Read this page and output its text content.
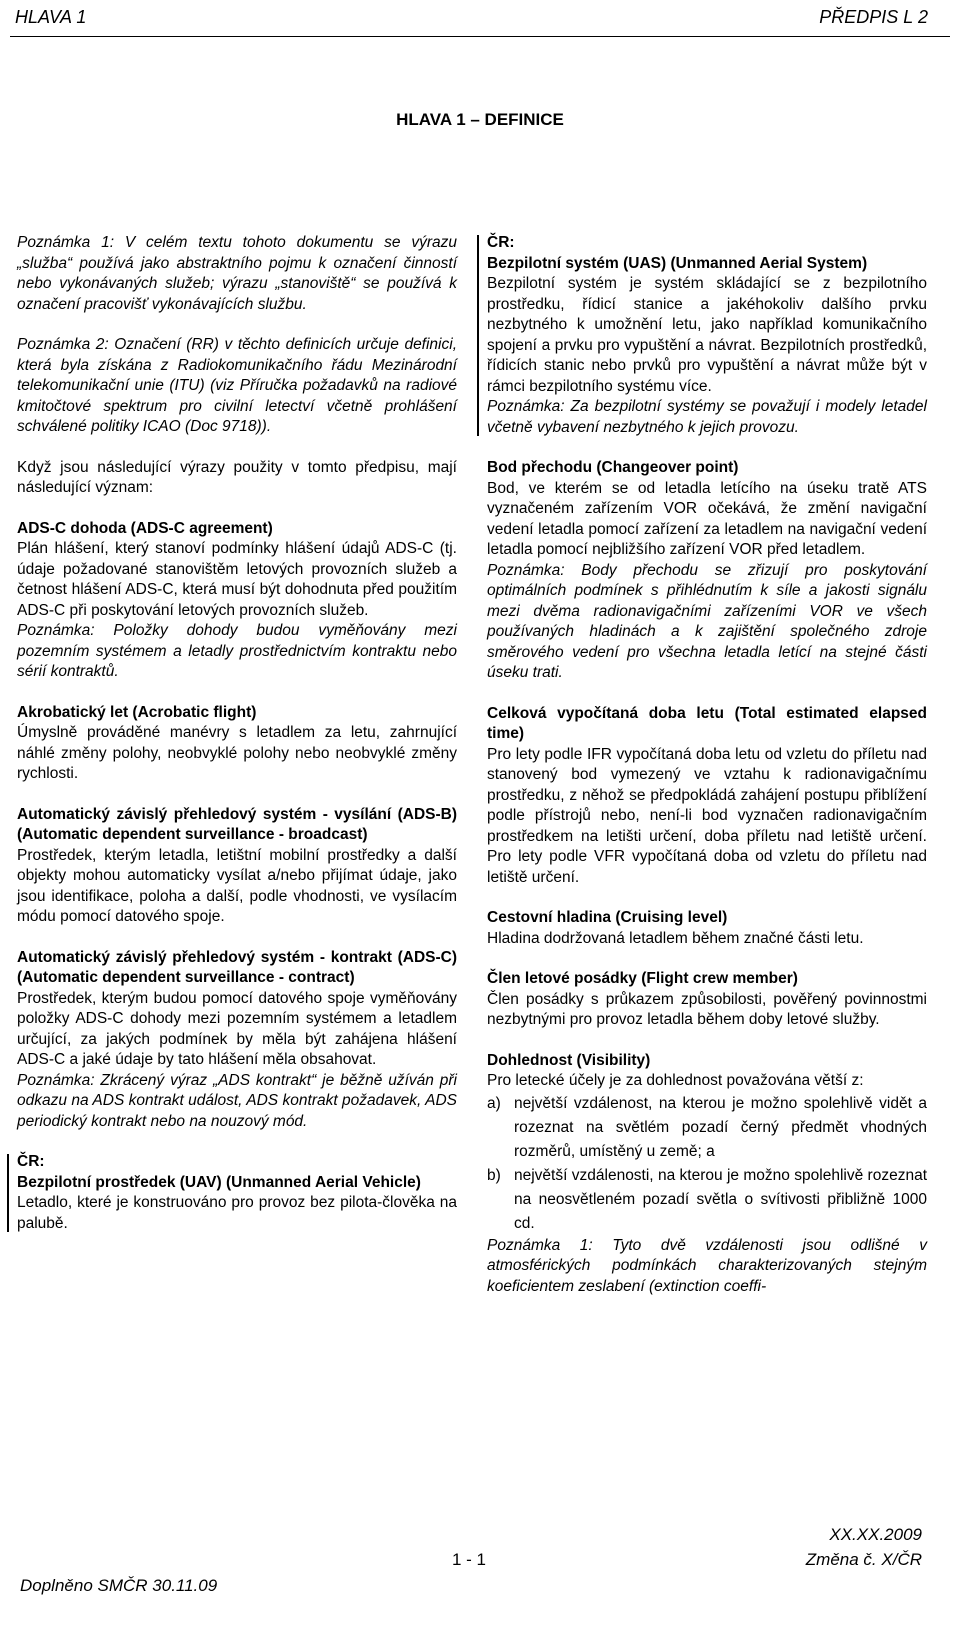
HLAVA 1	PŘEDPIS L 2
HLAVA 1 – DEFINICE

Poznámka 1: V celém textu tohoto dokumentu se výrazu „služba“ používá jako abstraktního pojmu k označení činností nebo vykonávaných služeb; výrazu „stanoviště“ se používá k označení pracovišť vykonávajících službu.

Poznámka 2: Označení (RR) v těchto definicích určuje definici, která byla získána z Radiokomunikačního řádu Mezinárodní telekomunikační unie (ITU) (viz Příručka požadavků na radiové kmitočtové spektrum pro civilní letectví včetně prohlášení schválené politiky ICAO (Doc 9718)).

Když jsou následující výrazy použity v tomto předpisu, mají následující význam:

ADS-C dohoda (ADS-C agreement)

Plán hlášení, který stanoví podmínky hlášení údajů ADS-C (tj. údaje požadované stanovištěm letových provozních služeb a četnost hlášení ADS-C, která musí být dohodnuta před použitím ADS-C při poskytování letových provozních služeb.

Poznámka: Položky dohody budou vyměňovány mezi pozemním systémem a letadly prostřednictvím kontraktu nebo sérií kontraktů.

Akrobatický let (Acrobatic flight)

Úmyslně prováděné manévry s letadlem za letu, zahrnující náhlé změny polohy, neobvyklé polohy nebo neobvyklé změny rychlosti.

Automatický závislý přehledový systém - vysílání (ADS-B) (Automatic dependent surveillance - broadcast)

Prostředek, kterým letadla, letištní mobilní prostředky a další objekty mohou automaticky vysílat a/nebo přijímat údaje, jako jsou identifikace, poloha a další, podle vhodnosti, ve vysílacím módu pomocí datového spoje.

Automatický závislý přehledový systém - kontrakt (ADS-C) (Automatic dependent surveillance - contract)

Prostředek, kterým budou pomocí datového spoje vyměňovány položky ADS-C dohody mezi pozemním systémem a letadlem určující, za jakých podmínek by měla být zahájena hlášení ADS-C a jaké údaje by tato hlášení měla obsahovat.

Poznámka: Zkrácený výraz „ADS kontrakt“ je běžně užíván při odkazu na ADS kontrakt událost, ADS kontrakt požadavek, ADS periodický kontrakt nebo na nouzový mód.

ČR:

Bezpilotní prostředek (UAV) (Unmanned Aerial Vehicle)

Letadlo, které je konstruováno pro provoz bez pilota-člověka na palubě.

ČR:

Bezpilotní systém (UAS) (Unmanned Aerial System)

Bezpilotní systém je systém skládající se z bezpilotního prostředku, řídicí stanice a jakéhokoliv dalšího prvku nezbytného k umožnění letu, jako například komunikačního spojení a prvku pro vypuštění a návrat. Bezpilotních prostředků, řídicích stanic nebo prvků pro vypuštění a návrat může být v rámci bezpilotního systému více.

Poznámka: Za bezpilotní systémy se považují i modely letadel včetně vybavení nezbytného k jejich provozu.

Bod přechodu (Changeover point)

Bod, ve kterém se od letadla letícího na úseku tratě ATS vyznačeném zařízením VOR očekává, že změní navigační vedení letadla pomocí zařízení za letadlem na navigační vedení letadla pomocí nejbližšího zařízení VOR před letadlem.

Poznámka: Body přechodu se zřizují pro poskytování optimálních podmínek s přihlédnutím k síle a jakosti signálu mezi dvěma radionavigačními zařízeními VOR ve všech používaných hladinách a k zajištění společného zdroje směrového vedení pro všechna letadla letící na stejné části úseku trati.

Celková vypočítaná doba letu (Total estimated elapsed time)

Pro lety podle IFR vypočítaná doba letu od vzletu do příletu nad stanovený bod vymezený ve vztahu k radionavigačnímu prostředku, z něhož se předpokládá zahájení postupu přiblížení podle přístrojů nebo, není-li bod vyznačen radionavigačním prostředkem na letišti určení, doba příletu nad letiště určení. Pro lety podle VFR vypočítaná doba od vzletu do příletu nad letiště určení.

Cestovní hladina (Cruising level)

Hladina dodržovaná letadlem během značné části letu.

Člen letové posádky (Flight crew member)

Člen posádky s průkazem způsobilosti, pověřený povinnostmi nezbytnými pro provoz letadla během doby letové služby.

Dohlednost (Visibility)

Pro letecké účely je za dohlednost považována větší z:

a) největší vzdálenost, na kterou je možno spolehlivě vidět a rozeznat na světlém pozadí černý předmět vhodných rozměrů, umístěný u země; a
b) největší vzdálenosti, na kterou je možno spolehlivě rozeznat na neosvětleném pozadí světla o svítivosti přibližně 1000 cd.

Poznámka 1: Tyto dvě vzdálenosti jsou odlišné v atmosférických podmínkách charakterizovaných stejným koeficientem zeslabení (extinction coeffi-

XX.XX.2009
1 - 1	Změna č. X/ČR
Doplněno SMČR 30.11.09
